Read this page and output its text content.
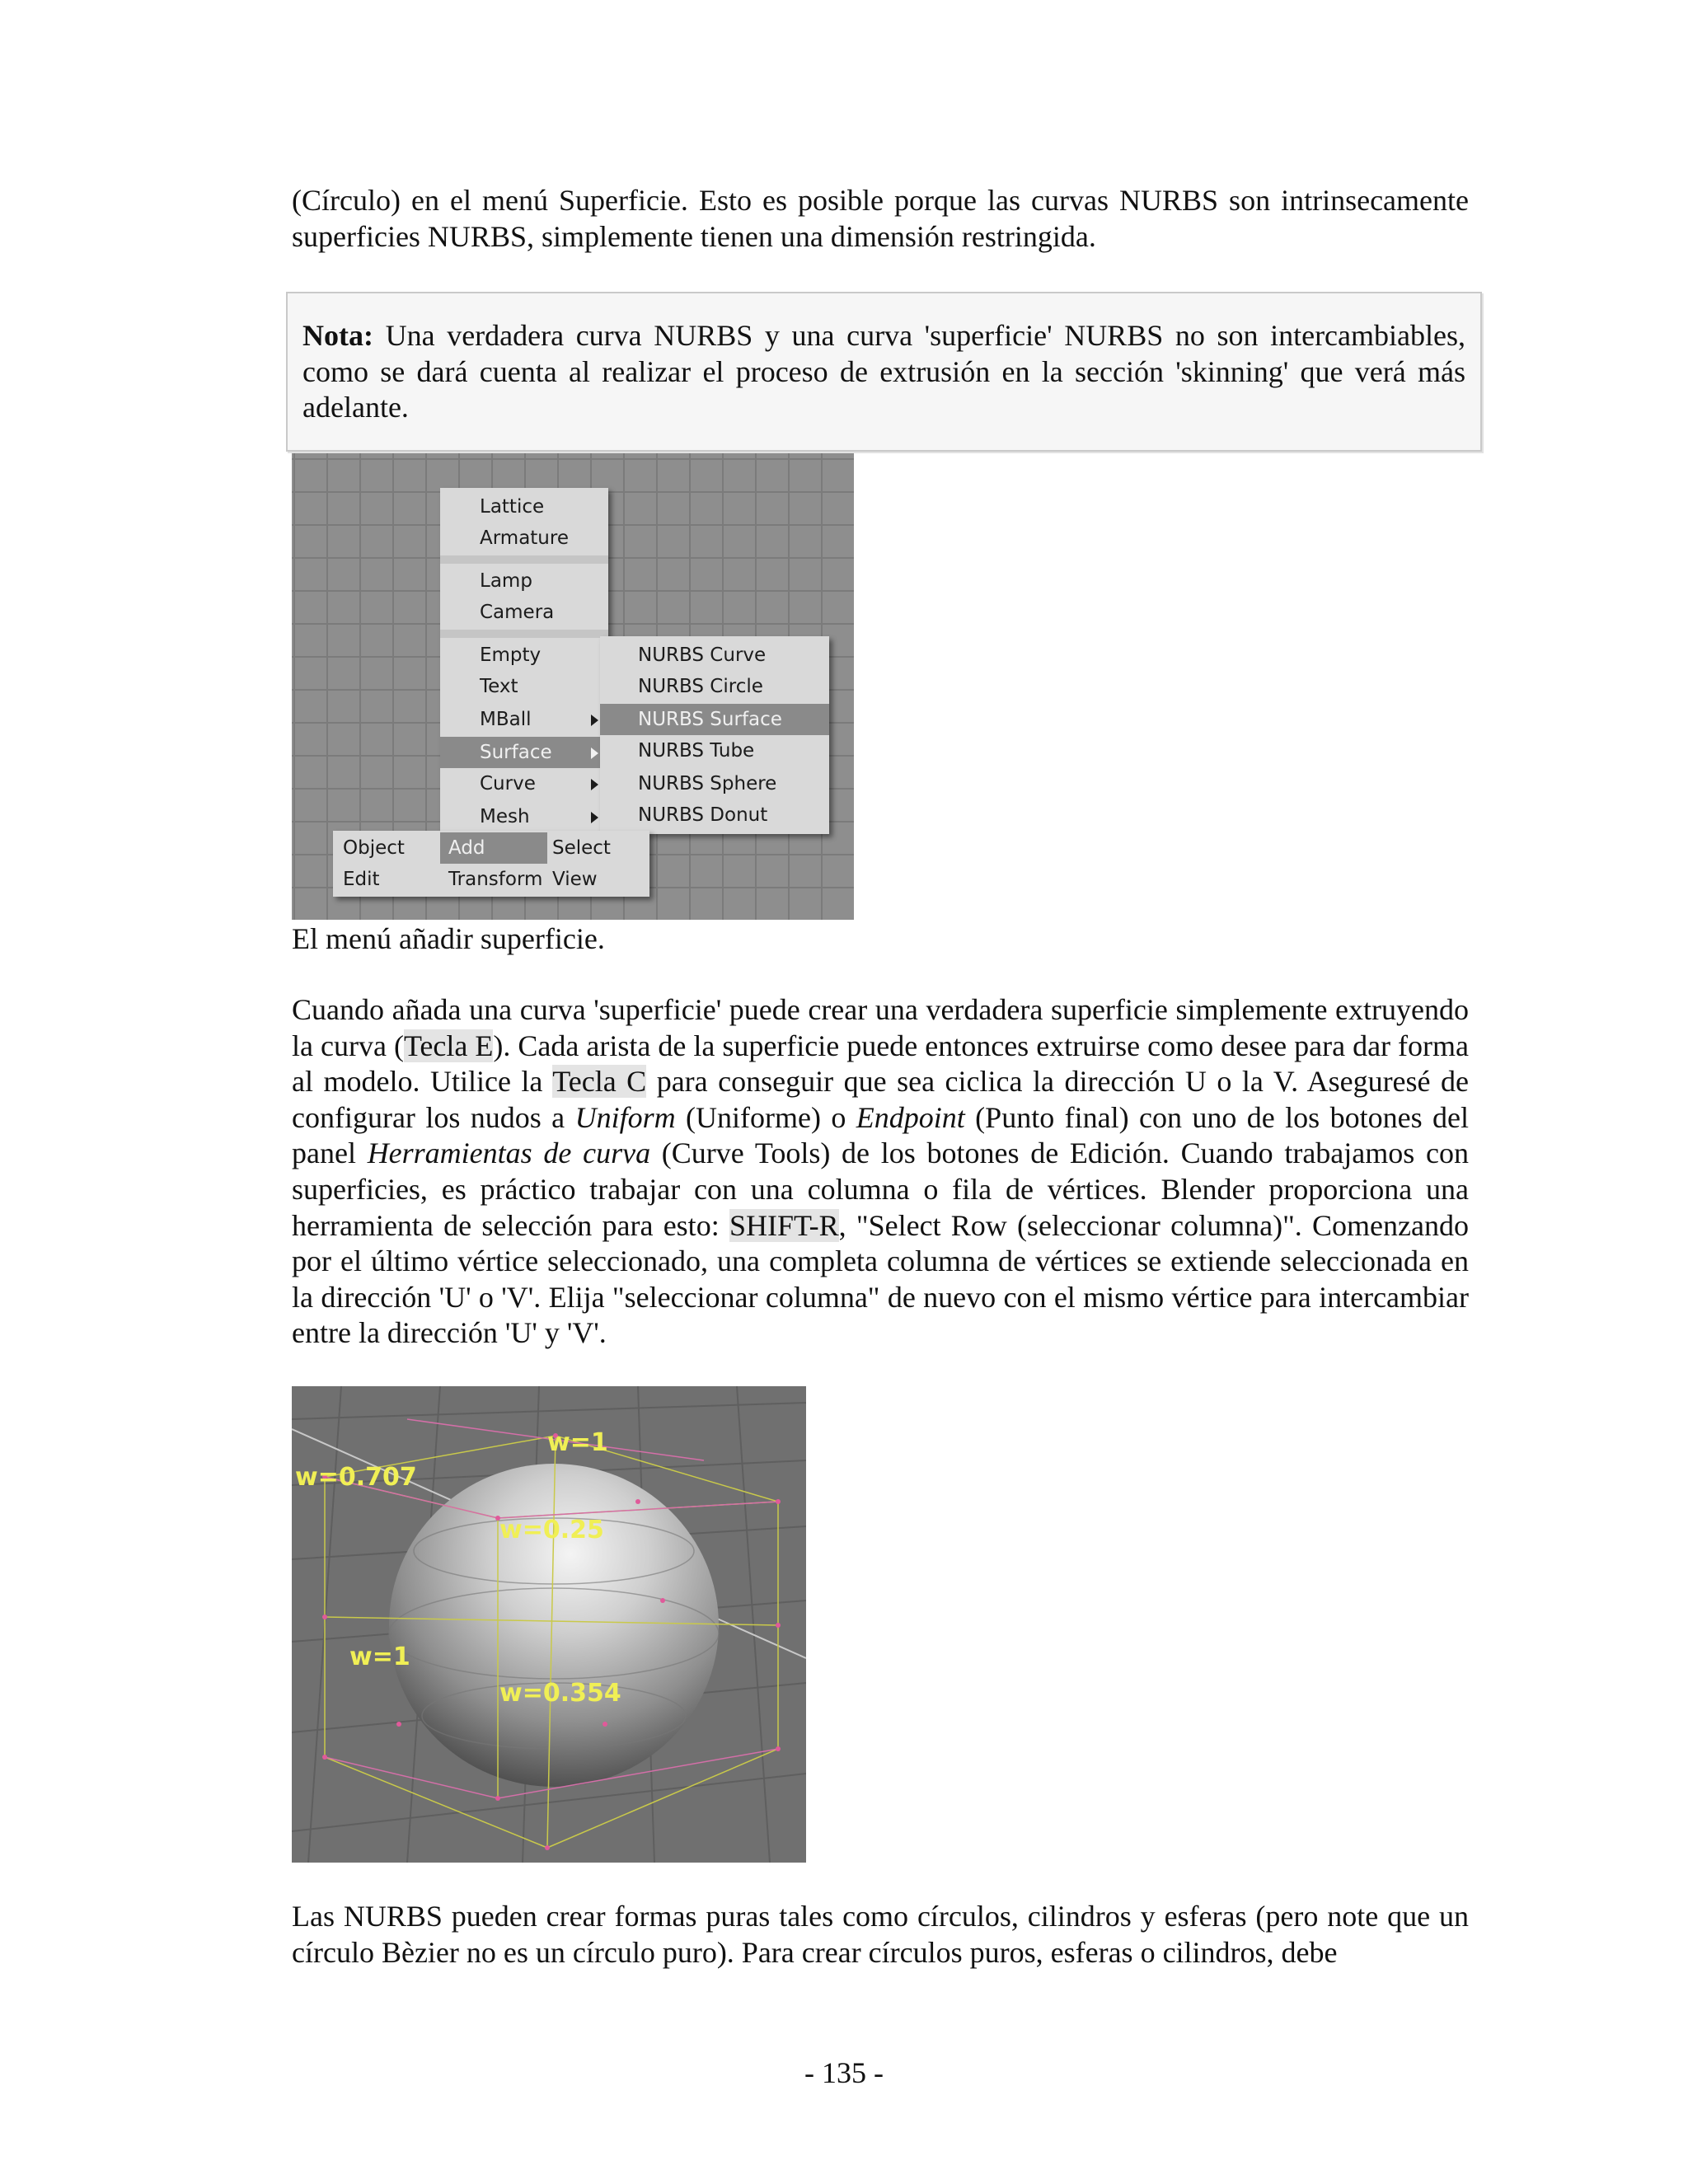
(Círculo) en el menú Superficie. Esto es posible porque las curvas NURBS son intrinsecamente superficies NURBS, simplemente tienen una dimensión restringida.
Nota: Una verdadera curva NURBS y una curva 'superficie' NURBS no son intercambiables, como se dará cuenta al realizar el proceso de extrusión en la sección 'skinning' que verá más adelante.
Lattice
Armature
Lamp
Camera
Empty
Text
MBall
Surface
Curve
Mesh
NURBS Curve
NURBS Circle
NURBS Surface
NURBS Tube
NURBS Sphere
NURBS Donut
Object	Add	Select
Edit	Transform View
El menú añadir superficie.
Cuando añada una curva 'superficie' puede crear una verdadera superficie simplemente extruyendo la curva (Tecla E). Cada arista de la superficie puede entonces extruirse como desee para dar forma al modelo. Utilice la Tecla C para conseguir que sea ciclica la dirección U o la V. Aseguresé de configurar los nudos a Uniform (Uniforme) o Endpoint (Punto final) con uno de los botones del panel Herramientas de curva (Curve Tools) de los botones de Edición. Cuando trabajamos con superficies, es práctico trabajar con una columna o fila de vértices. Blender proporciona una herramienta de selección para esto: SHIFT-R, "Select Row (seleccionar columna)". Comenzando por el último vértice seleccionado, una completa columna de vértices se extiende seleccionada en la dirección 'U' o 'V'. Elija "seleccionar columna" de nuevo con el mismo vértice para intercambiar entre la dirección 'U' y 'V'.
w=1
w=0.707
w=0.25
w=1
w=0.354
Las NURBS pueden crear formas puras tales como círculos, cilindros y esferas (pero note que un círculo Bèzier no es un círculo puro). Para crear círculos puros, esferas o cilindros, debe
- 135 -
